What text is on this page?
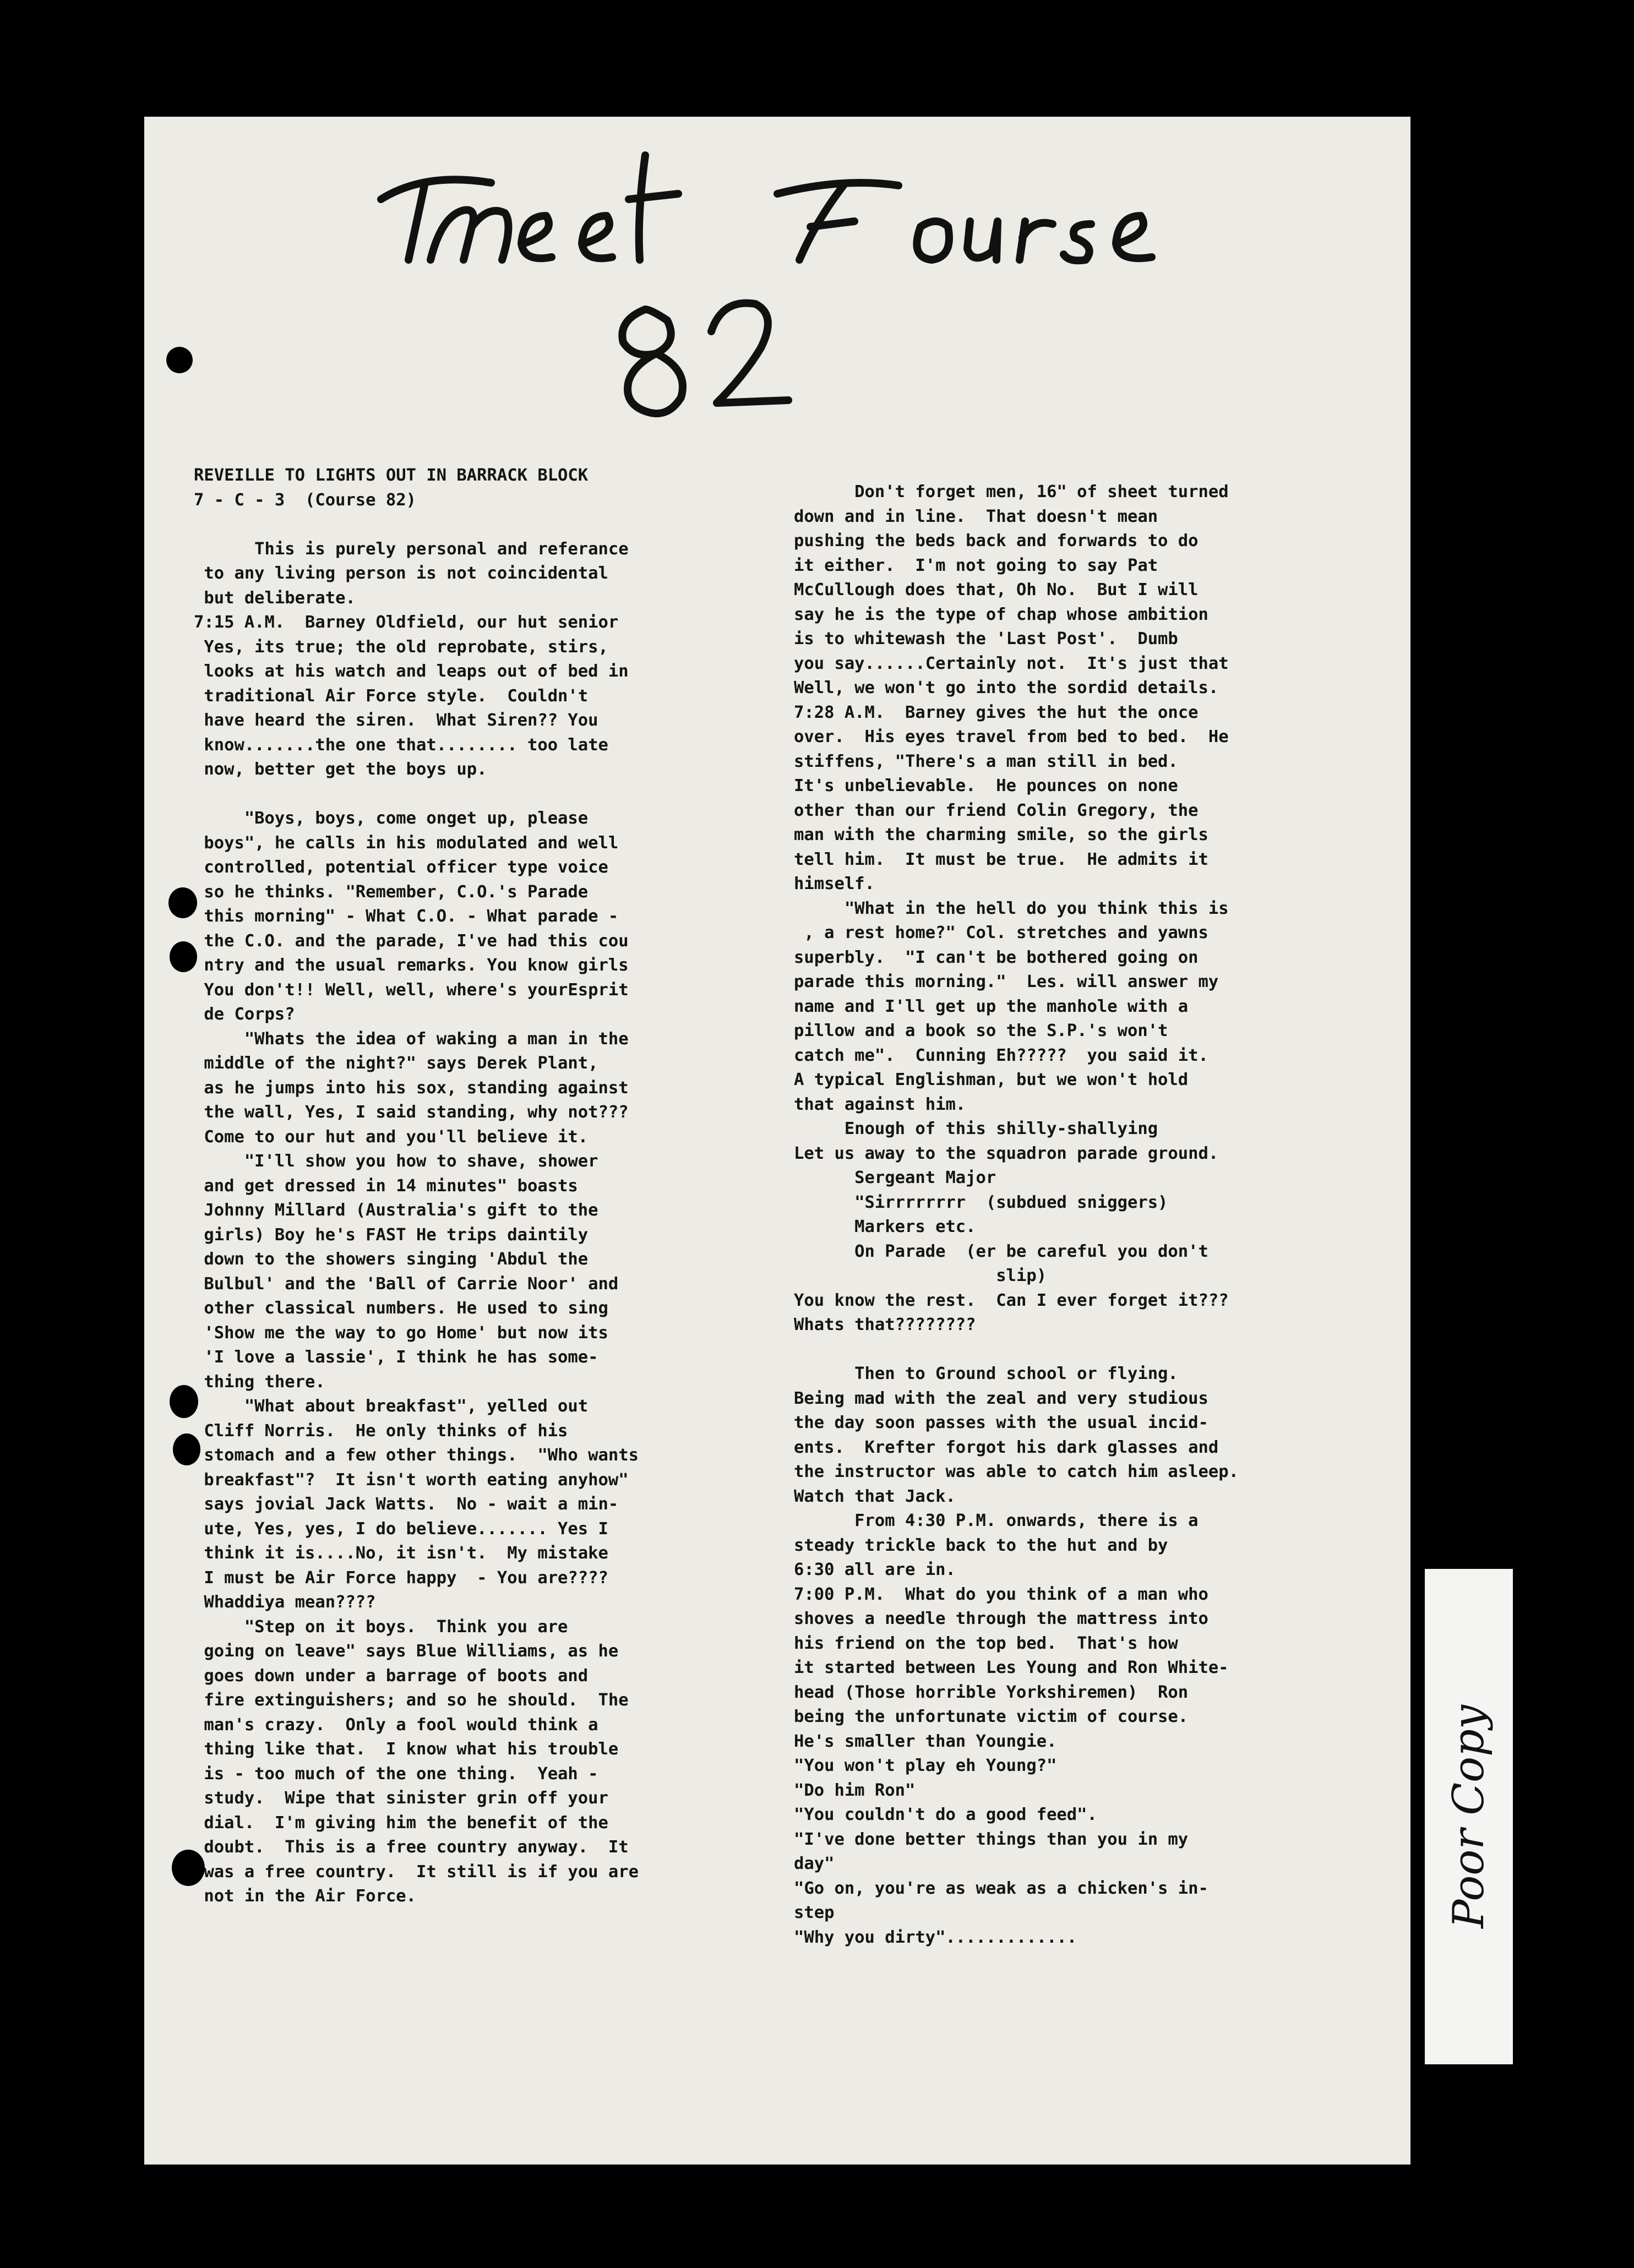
REVEILLE TO LIGHTS OUT IN BARRACK BLOCK
7 - C - 3  (Course 82)

This is purely personal and referance
to any living person is not coincidental
but deliberate.
7:15 A.M.  Barney Oldfield, our hut senior
Yes, its true; the old reprobate, stirs,
looks at his watch and leaps out of bed in
traditional Air Force style.  Couldn't
have heard the siren.  What Siren?? You
know.......the one that........ too late
now, better get the boys up.

"Boys, boys, come onget up, please
boys", he calls in his modulated and well
controlled, potential officer type voice
so he thinks. "Remember, C.O.'s Parade
this morning" - What C.O. - What parade -
the C.O. and the parade, I've had this cou
ntry and the usual remarks. You know girls
You don't!! Well, well, where's yourEsprit
de Corps?
"Whats the idea of waking a man in the
middle of the night?" says Derek Plant,
as he jumps into his sox, standing against
the wall, Yes, I said standing, why not???
Come to our hut and you'll believe it.
"I'll show you how to shave, shower
and get dressed in 14 minutes" boasts
Johnny Millard (Australia's gift to the
girls) Boy he's FAST He trips daintily
down to the showers singing 'Abdul the
Bulbul' and the 'Ball of Carrie Noor' and
other classical numbers. He used to sing
'Show me the way to go Home' but now its
'I love a lassie', I think he has some-
thing there.
"What about breakfast", yelled out
Cliff Norris.  He only thinks of his
stomach and a few other things.  "Who wants
breakfast"?  It isn't worth eating anyhow"
says jovial Jack Watts.  No - wait a min-
ute, Yes, yes, I do believe....... Yes I
think it is....No, it isn't.  My mistake
I must be Air Force happy  - You are????
Whaddiya mean????
"Step on it boys.  Think you are
going on leave" says Blue Williams, as he
goes down under a barrage of boots and
fire extinguishers; and so he should.  The
man's crazy.  Only a fool would think a
thing like that.  I know what his trouble
is - too much of the one thing.  Yeah -
study.  Wipe that sinister grin off your
dial.  I'm giving him the benefit of the
doubt.  This is a free country anyway.  It
was a free country.  It still is if you are
not in the Air Force.
Don't forget men, 16" of sheet turned
down and in line.  That doesn't mean
pushing the beds back and forwards to do
it either.  I'm not going to say Pat
McCullough does that, Oh No.  But I will
say he is the type of chap whose ambition
is to whitewash the 'Last Post'.  Dumb
you say......Certainly not.  It's just that
Well, we won't go into the sordid details.
7:28 A.M.  Barney gives the hut the once
over.  His eyes travel from bed to bed.  He
stiffens, "There's a man still in bed.
It's unbelievable.  He pounces on none
other than our friend Colin Gregory, the
man with the charming smile, so the girls
tell him.  It must be true.  He admits it
himself.
"What in the hell do you think this is
, a rest home?" Col. stretches and yawns
superbly.  "I can't be bothered going on
parade this morning."  Les. will answer my
name and I'll get up the manhole with a
pillow and a book so the S.P.'s won't
catch me".  Cunning Eh?????  you said it.
A typical Englishman, but we won't hold
that against him.
Enough of this shilly-shallying
Let us away to the squadron parade ground.
Sergeant Major
"Sirrrrrrrr  (subdued sniggers)
Markers etc.
On Parade  (er be careful you don't
slip)
You know the rest.  Can I ever forget it???
Whats that????????

Then to Ground school or flying.
Being mad with the zeal and very studious
the day soon passes with the usual incid-
ents.  Krefter forgot his dark glasses and
the instructor was able to catch him asleep.
Watch that Jack.
From 4:30 P.M. onwards, there is a
steady trickle back to the hut and by
6:30 all are in.
7:00 P.M.  What do you think of a man who
shoves a needle through the mattress into
his friend on the top bed.  That's how
it started between Les Young and Ron White-
head (Those horrible Yorkshiremen)  Ron
being the unfortunate victim of course.
He's smaller than Youngie.
"You won't play eh Young?"
"Do him Ron"
"You couldn't do a good feed".
"I've done better things than you in my
day"
"Go on, you're as weak as a chicken's in-
step
"Why you dirty".............
Poor Copy
